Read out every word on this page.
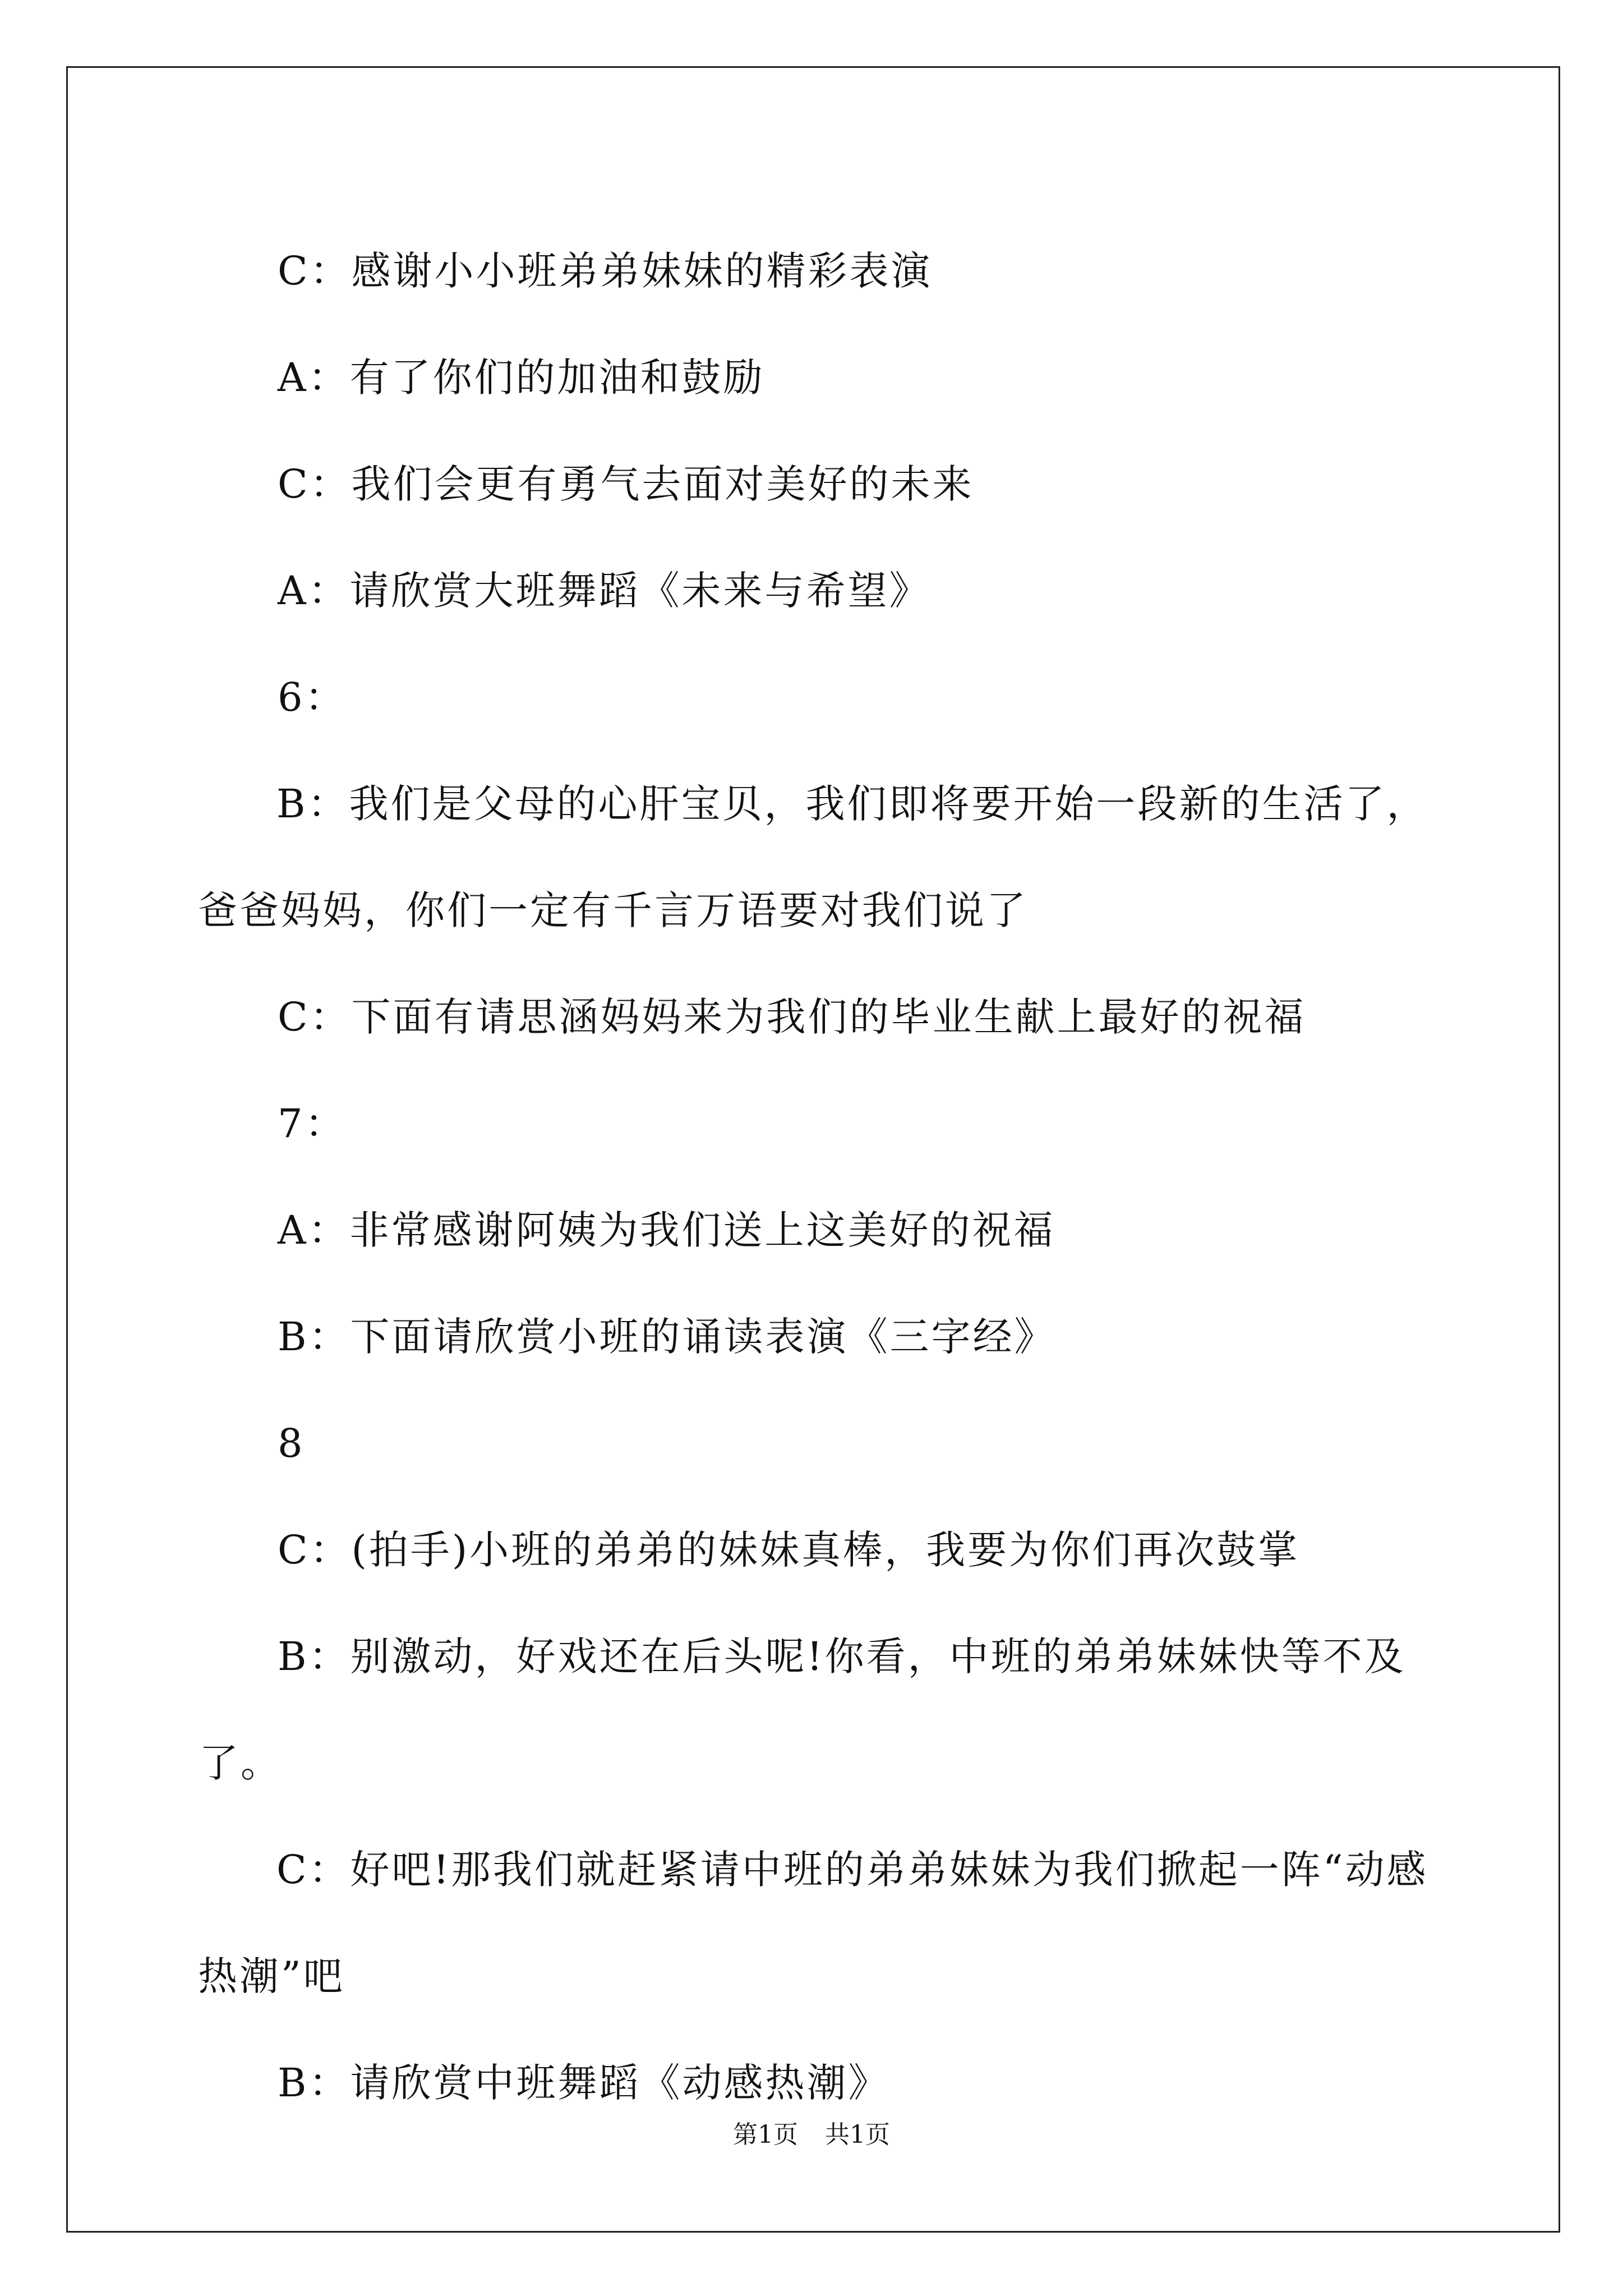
C：感谢小小班弟弟妹妹的精彩表演

A：有了你们的加油和鼓励

C：我们会更有勇气去面对美好的未来

A：请欣赏大班舞蹈《未来与希望》

6：

B：我们是父母的心肝宝贝，我们即将要开始一段新的生活了，爸爸妈妈，你们一定有千言万语要对我们说了

C：下面有请思涵妈妈来为我们的毕业生献上最好的祝福

7：

A：非常感谢阿姨为我们送上这美好的祝福

B：下面请欣赏小班的诵读表演《三字经》

8

C：(拍手)小班的弟弟的妹妹真棒，我要为你们再次鼓掌

B：别激动，好戏还在后头呢!你看，中班的弟弟妹妹快等不及了。

C：好吧!那我们就赶紧请中班的弟弟妹妹为我们掀起一阵“动感热潮”吧

B：请欣赏中班舞蹈《动感热潮》

第1页 共1页
